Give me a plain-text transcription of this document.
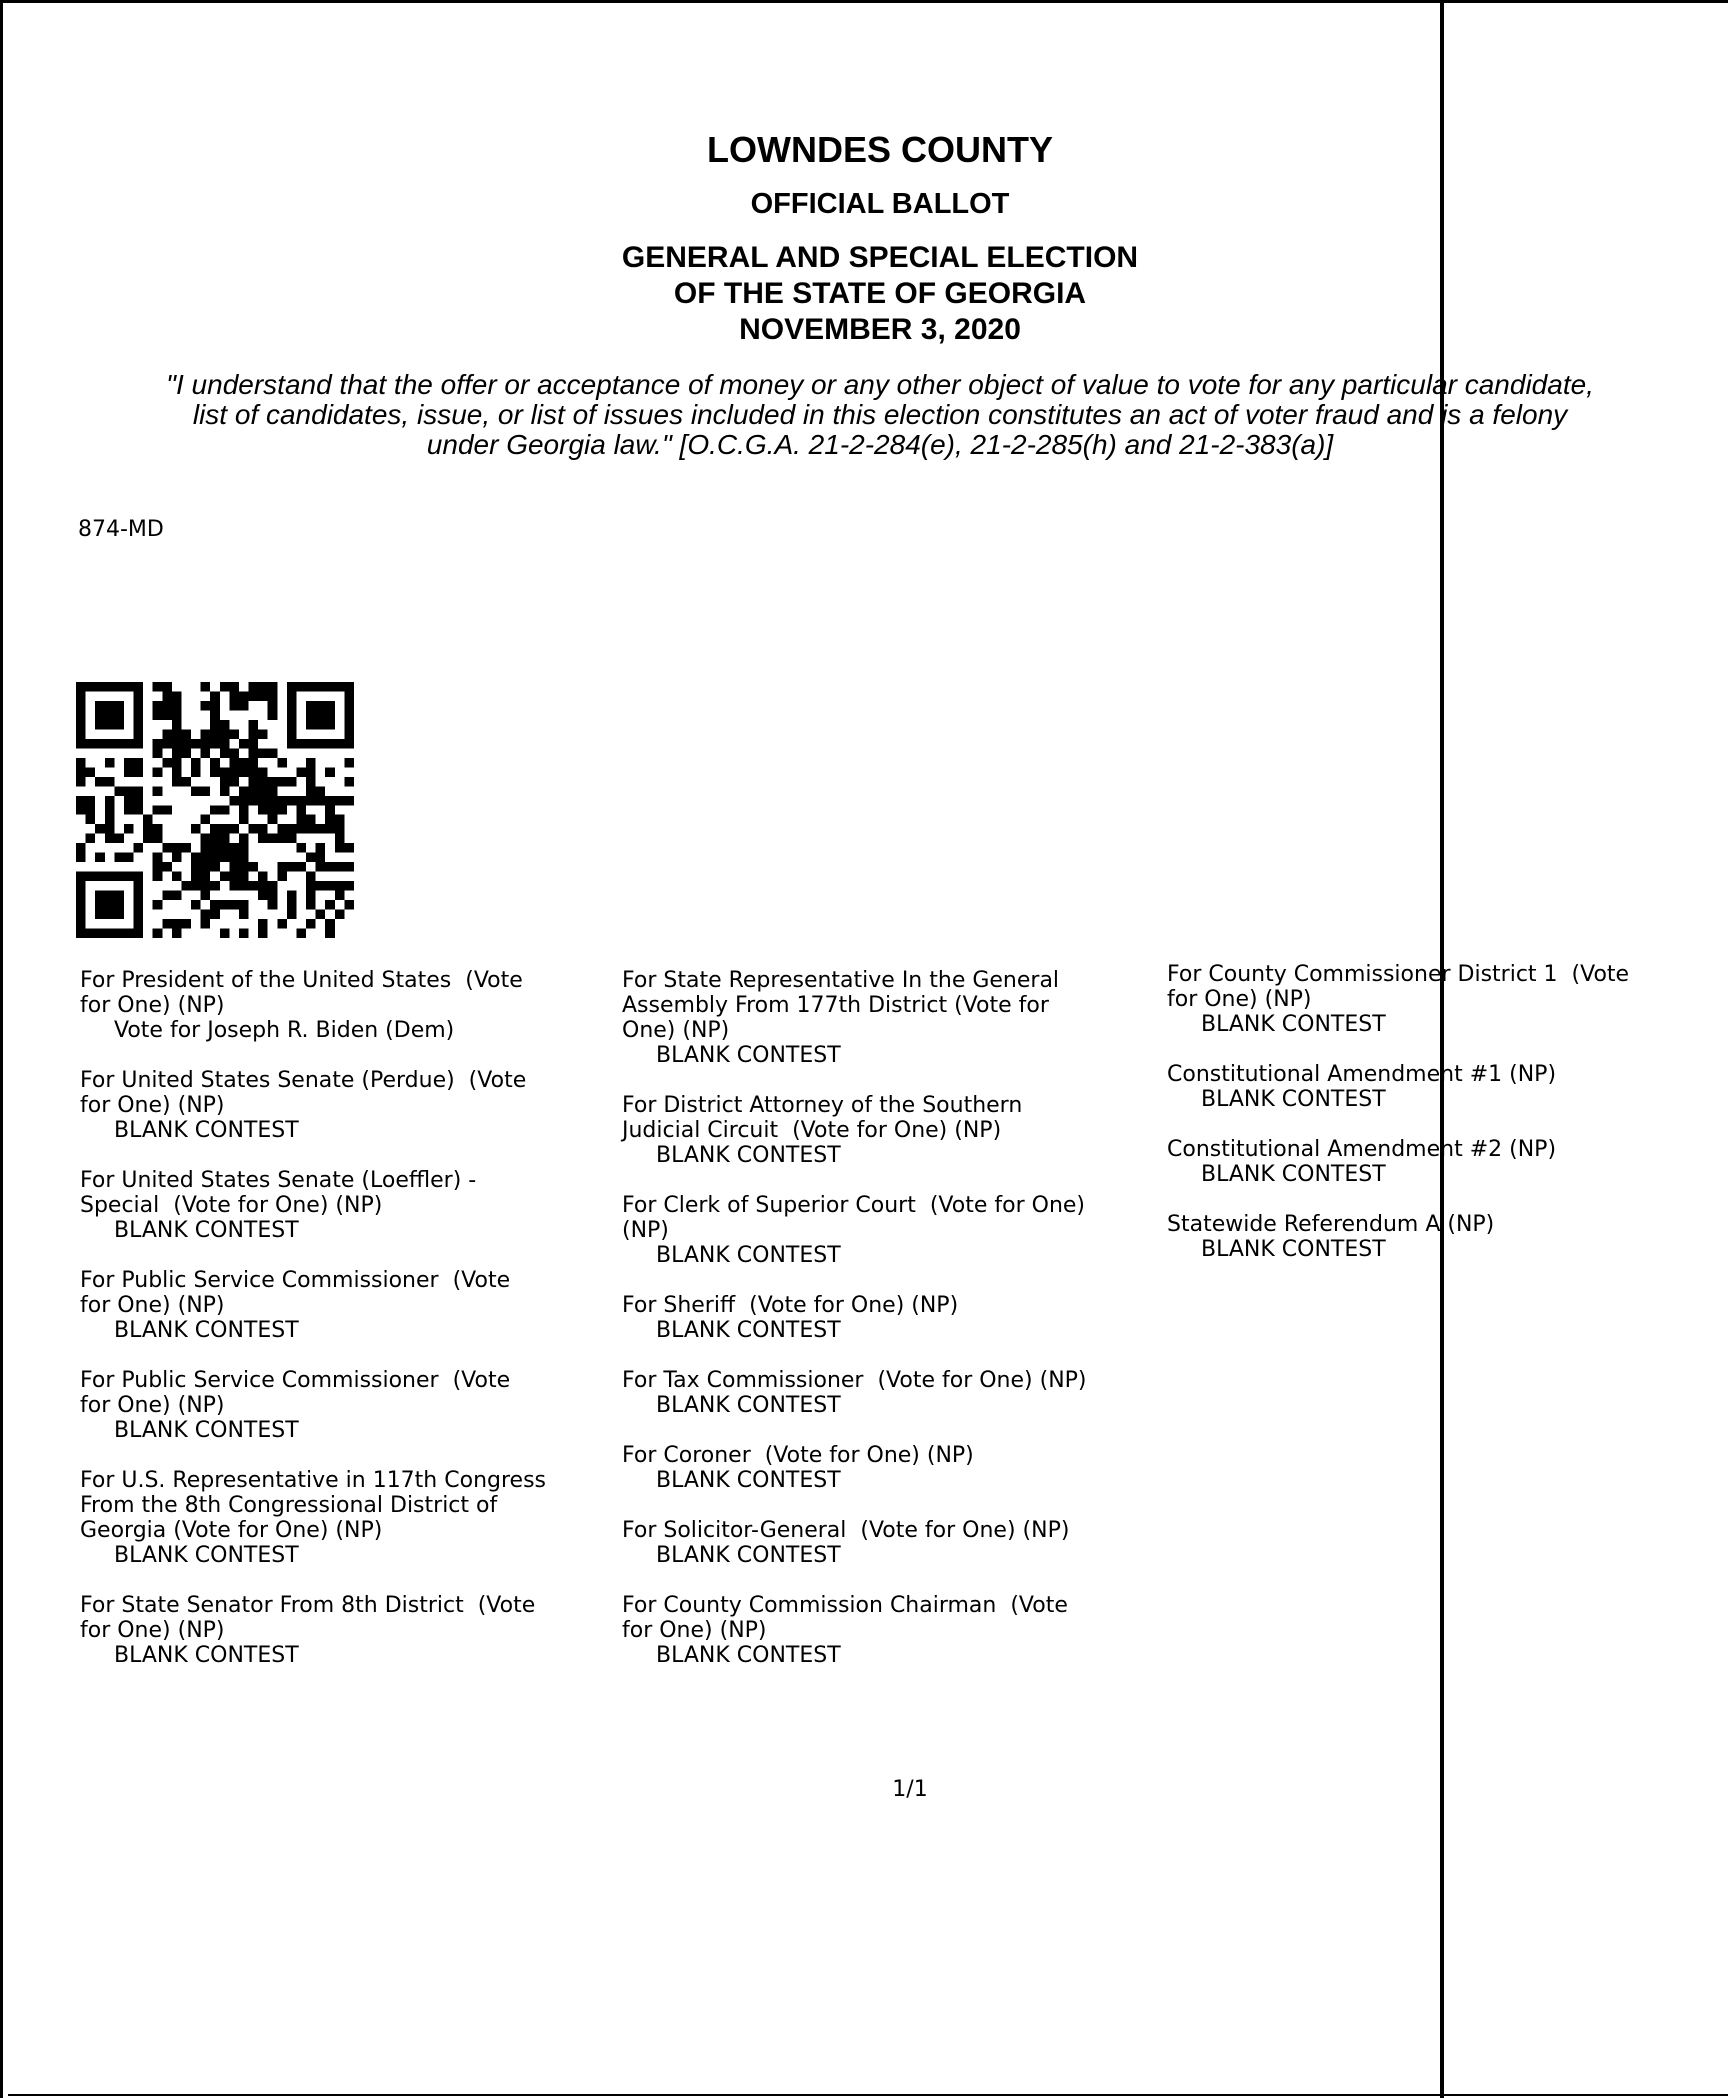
LOWNDES COUNTY
OFFICIAL BALLOT
GENERAL AND SPECIAL ELECTION
OF THE STATE OF GEORGIA
NOVEMBER 3, 2020
"I understand that the offer or acceptance of money or any other object of value to vote for any particular candidate,
list of candidates, issue, or list of issues included in this election constitutes an act of voter fraud and is a felony
under Georgia law." [O.C.G.A. 21-2-284(e), 21-2-285(h) and 21-2-383(a)]
874-MD
For President of the United States  (Vote
for One) (NP)
Vote for Joseph R. Biden (Dem)
For United States Senate (Perdue)  (Vote
for One) (NP)
BLANK CONTEST
For United States Senate (Loeffler) -
Special  (Vote for One) (NP)
BLANK CONTEST
For Public Service Commissioner  (Vote
for One) (NP)
BLANK CONTEST
For Public Service Commissioner  (Vote
for One) (NP)
BLANK CONTEST
For U.S. Representative in 117th Congress
From the 8th Congressional District of
Georgia (Vote for One) (NP)
BLANK CONTEST
For State Senator From 8th District  (Vote
for One) (NP)
BLANK CONTEST
For State Representative In the General
Assembly From 177th District (Vote for
One) (NP)
BLANK CONTEST
For District Attorney of the Southern
Judicial Circuit  (Vote for One) (NP)
BLANK CONTEST
For Clerk of Superior Court  (Vote for One)
(NP)
BLANK CONTEST
For Sheriff  (Vote for One) (NP)
BLANK CONTEST
For Tax Commissioner  (Vote for One) (NP)
BLANK CONTEST
For Coroner  (Vote for One) (NP)
BLANK CONTEST
For Solicitor-General  (Vote for One) (NP)
BLANK CONTEST
For County Commission Chairman  (Vote
for One) (NP)
BLANK CONTEST
For County Commissioner District 1  (Vote
for One) (NP)
BLANK CONTEST
Constitutional Amendment #1 (NP)
BLANK CONTEST
Constitutional Amendment #2 (NP)
BLANK CONTEST
Statewide Referendum A (NP)
BLANK CONTEST
1/1
